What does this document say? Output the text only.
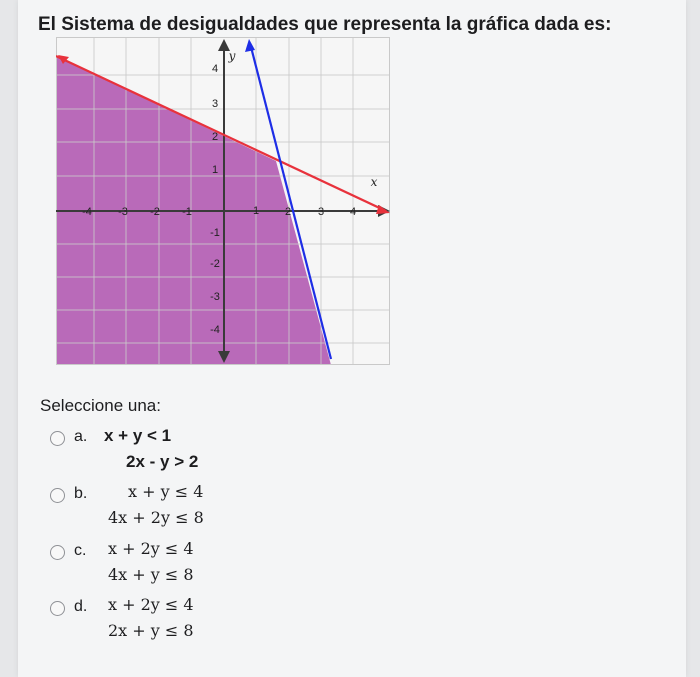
El Sistema de desigualdades que representa la gráfica dada es:
-4 -3 -2 -1	1 2 3 4
4
3
2
1
-1
-2
-3
-4
x
y
Seleccione una:
a. x + y < 1
2x - y > 2
b.	x + y ≤ 4
4x + 2y ≤ 8
c. x + 2y ≤ 4
4x + y ≤ 8
d. x + 2y ≤ 4
2x + y ≤ 8
